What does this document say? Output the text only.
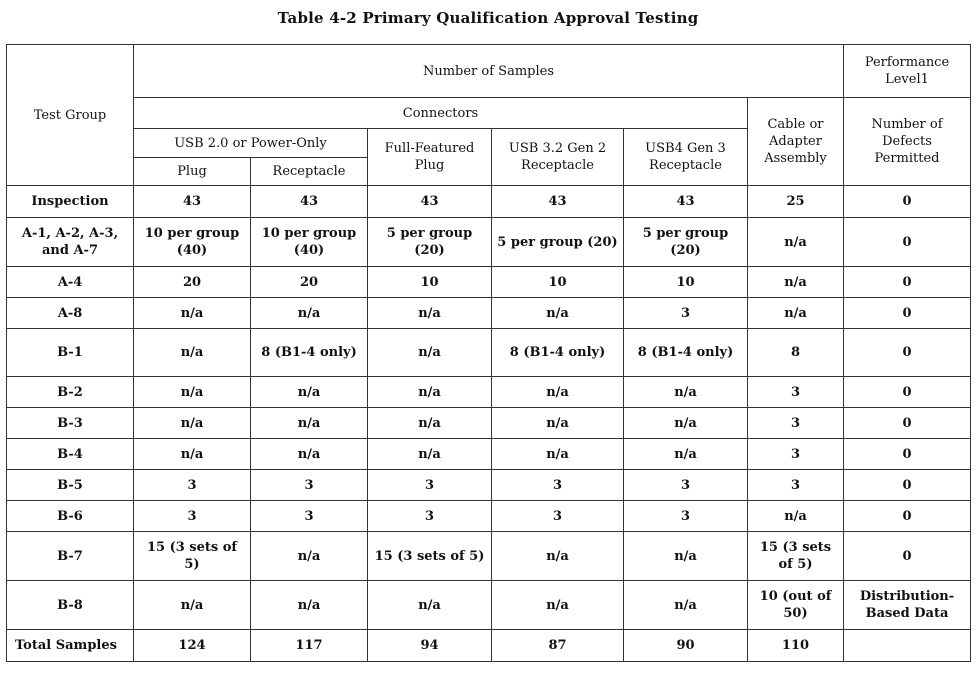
Table 4-2 Primary Qualification Approval Testing
Test Group	Number of Samples						Performance Level1
	Connectors					Cable or Adapter Assembly	Number of Defects Permitted
	USB 2.0 or Power-Only		Full-Featured Plug	USB 3.2 Gen 2 Receptacle	USB4 Gen 3 Receptacle		
	Plug	Receptacle					
Inspection	43	43	43	43	43	25	0
A-1, A-2, A-3, and A-7	10 per group (40)	10 per group (40)	5 per group (20)	5 per group (20)	5 per group (20)	n/a	0
A-4	20	20	10	10	10	n/a	0
A-8	n/a	n/a	n/a	n/a	3	n/a	0
B-1	n/a	8 (B1-4 only)	n/a	8 (B1-4 only)	8 (B1-4 only)	8	0
B-2	n/a	n/a	n/a	n/a	n/a	3	0
B-3	n/a	n/a	n/a	n/a	n/a	3	0
B-4	n/a	n/a	n/a	n/a	n/a	3	0
B-5	3	3	3	3	3	3	0
B-6	3	3	3	3	3	n/a	0
B-7	15 (3 sets of 5)	n/a	15 (3 sets of 5)	n/a	n/a	15 (3 sets of 5)	0
B-8	n/a	n/a	n/a	n/a	n/a	10 (out of 50)	Distribution-Based Data
Total Samples	124	117	94	87	90	110	
